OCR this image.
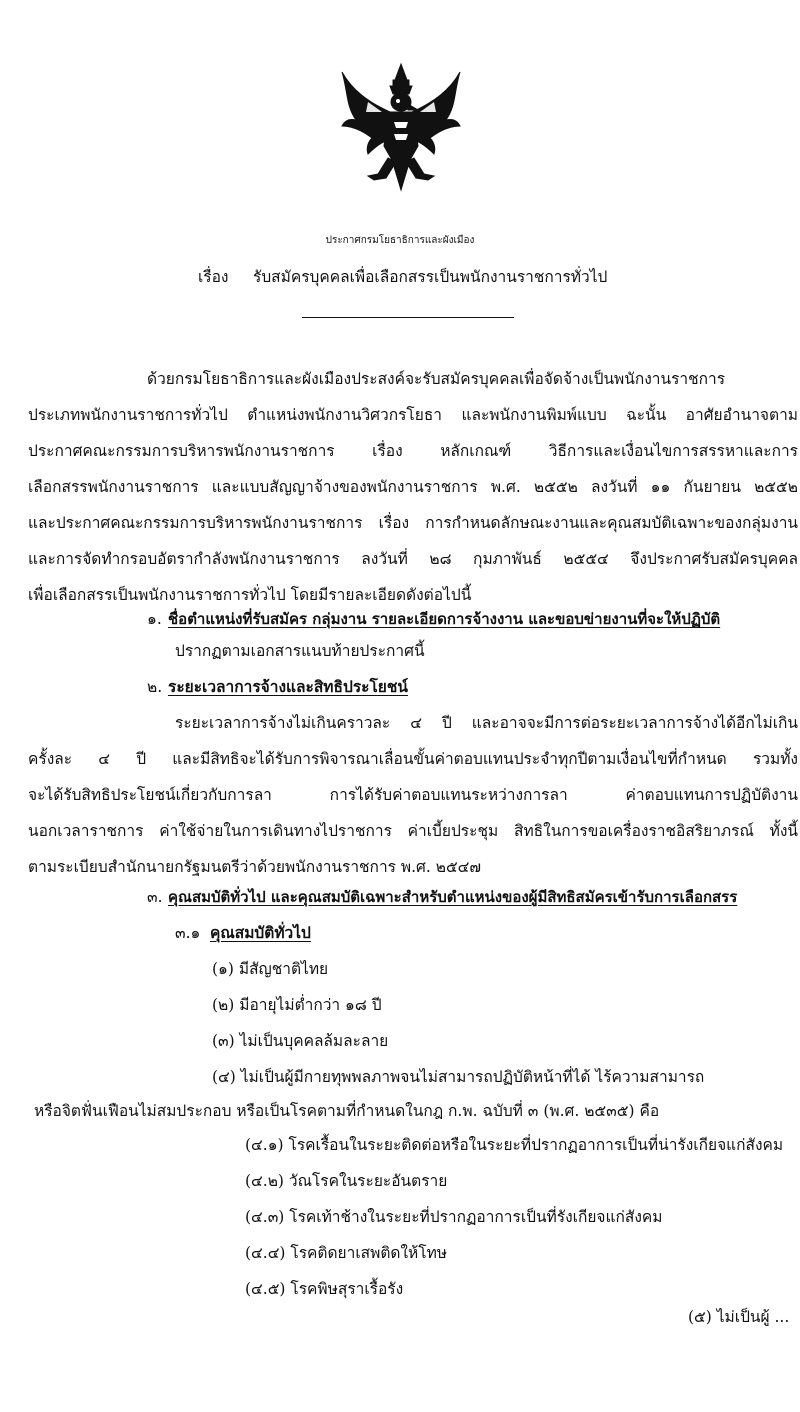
ประกาศกรมโยธาธิการและผังเมือง
เรื่อง รับสมัครบุคคลเพื่อเลือกสรรเป็นพนักงานราชการทั่วไป
ด้วยกรมโยธาธิการและผังเมืองประสงค์จะรับสมัครบุคคลเพื่อจัดจ้างเป็นพนักงานราชการ
ประเภทพนักงานราชการทั่วไป ตำแหน่งพนักงานวิศวกรโยธา และพนักงานพิมพ์แบบ ฉะนั้น อาศัยอำนาจตาม
ประกาศคณะกรรมการบริหารพนักงานราชการ เรื่อง หลักเกณฑ์ วิธีการและเงื่อนไขการสรรหาและการ
เลือกสรรพนักงานราชการ และแบบสัญญาจ้างของพนักงานราชการ พ.ศ. ๒๕๕๒ ลงวันที่ ๑๑ กันยายน ๒๕๕๒
และประกาศคณะกรรมการบริหารพนักงานราชการ เรื่อง การกำหนดลักษณะงานและคุณสมบัติเฉพาะของกลุ่มงาน
และการจัดทำกรอบอัตรากำลังพนักงานราชการ ลงวันที่ ๒๘ กุมภาพันธ์ ๒๕๕๔ จึงประกาศรับสมัครบุคคล
เพื่อเลือกสรรเป็นพนักงานราชการทั่วไป โดยมีรายละเอียดดังต่อไปนี้
๑. ชื่อตำแหน่งที่รับสมัคร กลุ่มงาน รายละเอียดการจ้างงาน และขอบข่ายงานที่จะให้ปฏิบัติ
ปรากฏตามเอกสารแนบท้ายประกาศนี้
๒. ระยะเวลาการจ้างและสิทธิประโยชน์
ระยะเวลาการจ้างไม่เกินคราวละ ๔ ปี และอาจจะมีการต่อระยะเวลาการจ้างได้อีกไม่เกิน
ครั้งละ ๔ ปี และมีสิทธิจะได้รับการพิจารณาเลื่อนขั้นค่าตอบแทนประจำทุกปีตามเงื่อนไขที่กำหนด รวมทั้ง
จะได้รับสิทธิประโยชน์เกี่ยวกับการลา การได้รับค่าตอบแทนระหว่างการลา ค่าตอบแทนการปฏิบัติงาน
นอกเวลาราชการ ค่าใช้จ่ายในการเดินทางไปราชการ ค่าเบี้ยประชุม สิทธิในการขอเครื่องราชอิสริยาภรณ์ ทั้งนี้
ตามระเบียบสำนักนายกรัฐมนตรีว่าด้วยพนักงานราชการ พ.ศ. ๒๕๔๗
๓. คุณสมบัติทั่วไป และคุณสมบัติเฉพาะสำหรับตำแหน่งของผู้มีสิทธิสมัครเข้ารับการเลือกสรร
๓.๑ คุณสมบัติทั่วไป
(๑) มีสัญชาติไทย
(๒) มีอายุไม่ต่ำกว่า ๑๘ ปี
(๓) ไม่เป็นบุคคลล้มละลาย
(๔) ไม่เป็นผู้มีกายทุพพลภาพจนไม่สามารถปฏิบัติหน้าที่ได้ ไร้ความสามารถ
หรือจิตฟั่นเฟือนไม่สมประกอบ หรือเป็นโรคตามที่กำหนดในกฎ ก.พ. ฉบับที่ ๓ (พ.ศ. ๒๕๓๕) คือ
(๔.๑) โรคเรื้อนในระยะติดต่อหรือในระยะที่ปรากฏอาการเป็นที่น่ารังเกียจแก่สังคม
(๔.๒) วัณโรคในระยะอันตราย
(๔.๓) โรคเท้าช้างในระยะที่ปรากฏอาการเป็นที่รังเกียจแก่สังคม
(๔.๔) โรคติดยาเสพติดให้โทษ
(๔.๕) โรคพิษสุราเรื้อรัง
(๕) ไม่เป็นผู้ ...
